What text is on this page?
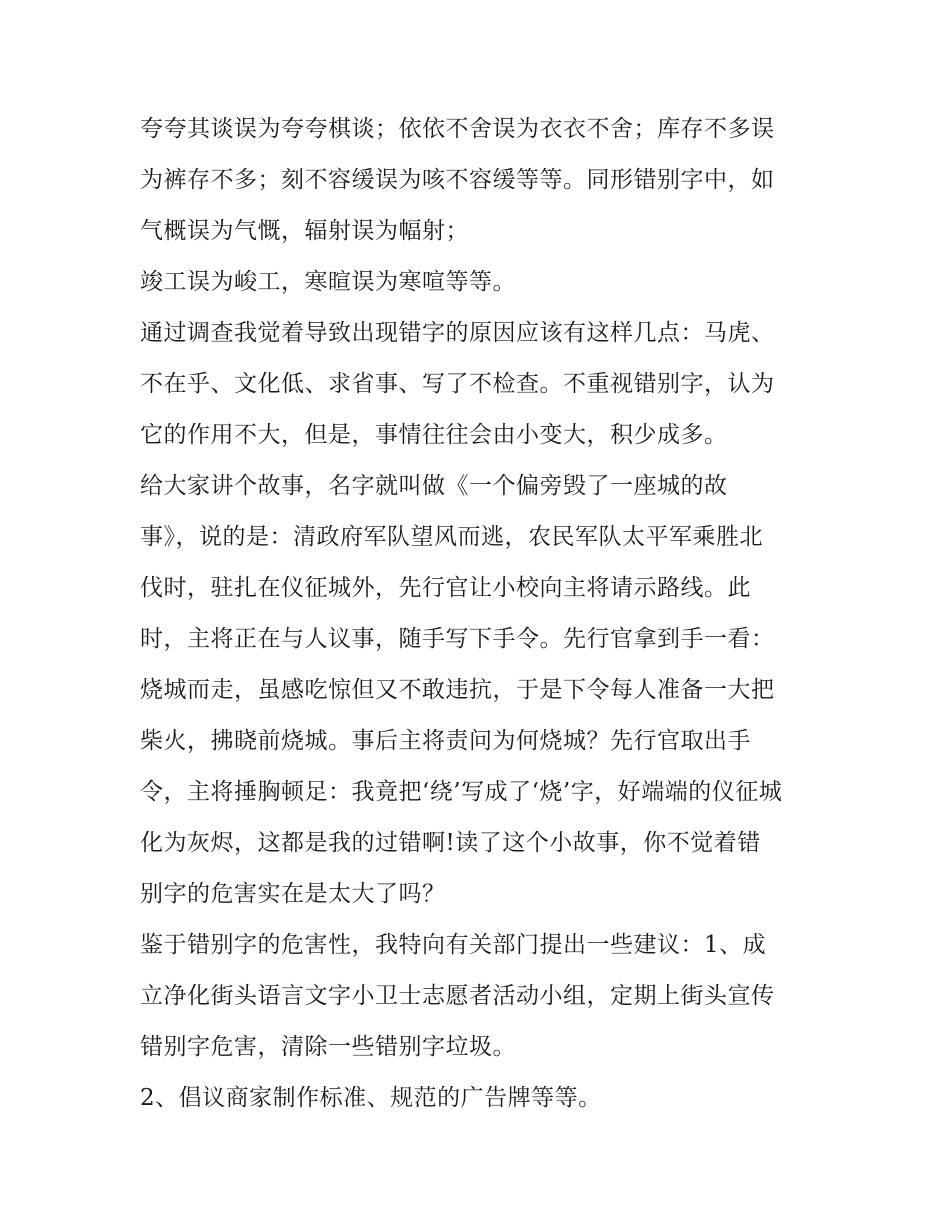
夸夸其谈误为夸夸棋谈；依依不舍误为衣衣不舍；库存不多误
为裤存不多；刻不容缓误为咳不容缓等等。同形错别字中，如
气概误为气慨，辐射误为幅射；
竣工误为峻工，寒暄误为寒喧等等。
通过调查我觉着导致出现错字的原因应该有这样几点：马虎、
不在乎、文化低、求省事、写了不检查。不重视错别字，认为
它的作用不大，但是，事情往往会由小变大，积少成多。
给大家讲个故事，名字就叫做《一个偏旁毁了一座城的故
事》，说的是：清政府军队望风而逃，农民军队太平军乘胜北
伐时，驻扎在仪征城外，先行官让小校向主将请示路线。此
时，主将正在与人议事，随手写下手令。先行官拿到手一看：
烧城而走，虽感吃惊但又不敢违抗，于是下令每人准备一大把
柴火，拂晓前烧城。事后主将责问为何烧城？先行官取出手
令，主将捶胸顿足：我竟把‘绕’写成了‘烧’字，好端端的仪征城
化为灰烬，这都是我的过错啊!读了这个小故事，你不觉着错
别字的危害实在是太大了吗？
鉴于错别字的危害性，我特向有关部门提出一些建议：1、成
立净化街头语言文字小卫士志愿者活动小组，定期上街头宣传
错别字危害，清除一些错别字垃圾。
2、倡议商家制作标准、规范的广告牌等等。
